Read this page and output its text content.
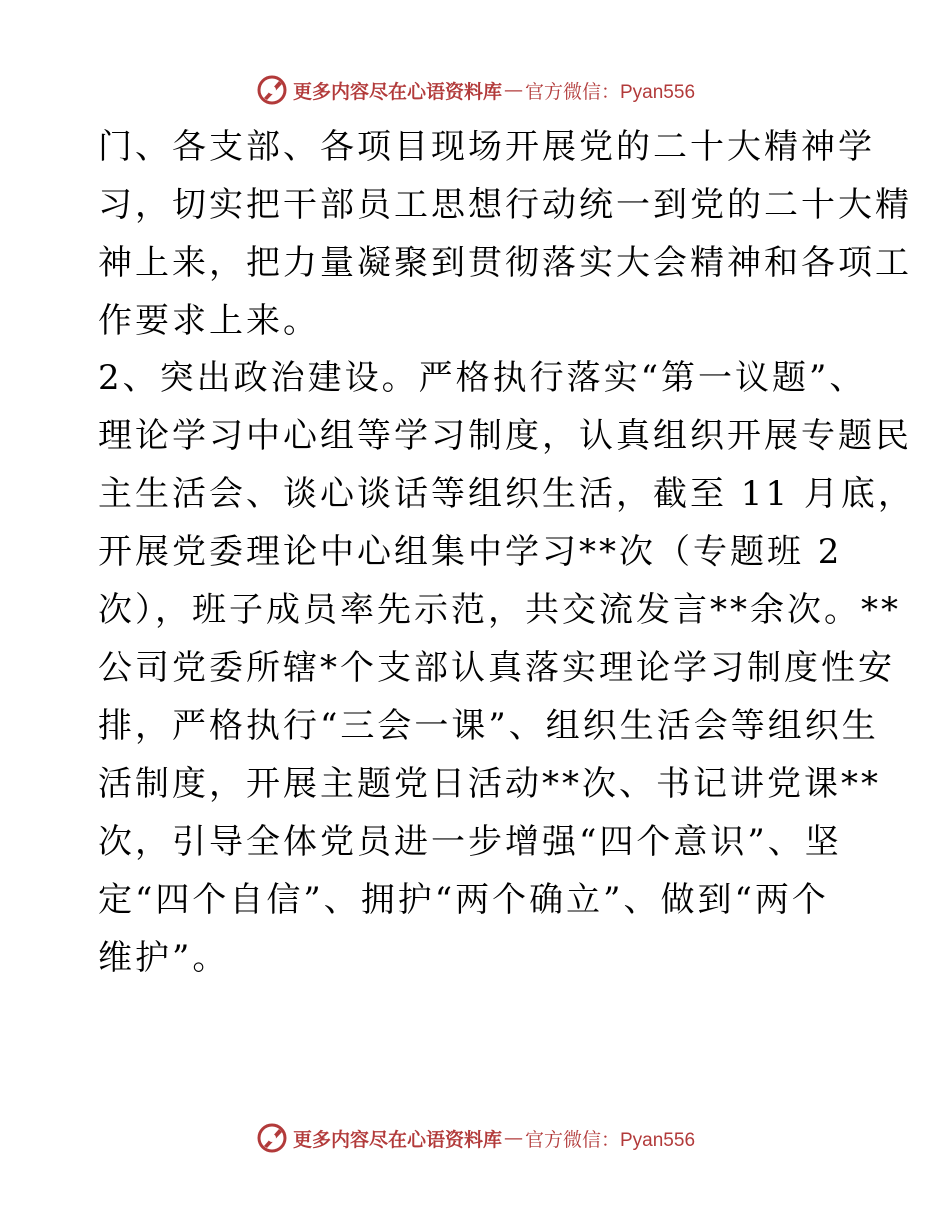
更多内容尽在心语资料库 — 官方微信：Pyan556
门、各支部、各项目现场开展党的二十大精神学
习，切实把干部员工思想行动统一到党的二十大精
神上来，把力量凝聚到贯彻落实大会精神和各项工
作要求上来。
2、突出政治建设。严格执行落实“第一议题”、
理论学习中心组等学习制度，认真组织开展专题民
主生活会、谈心谈话等组织生活，截至 11 月底，
开展党委理论中心组集中学习**次（专题班 2
次），班子成员率先示范，共交流发言**余次。**
公司党委所辖*个支部认真落实理论学习制度性安
排，严格执行“三会一课”、组织生活会等组织生
活制度，开展主题党日活动**次、书记讲党课**
次，引导全体党员进一步增强“四个意识”、坚
定“四个自信”、拥护“两个确立”、做到“两个
维护”。
更多内容尽在心语资料库 — 官方微信：Pyan556
